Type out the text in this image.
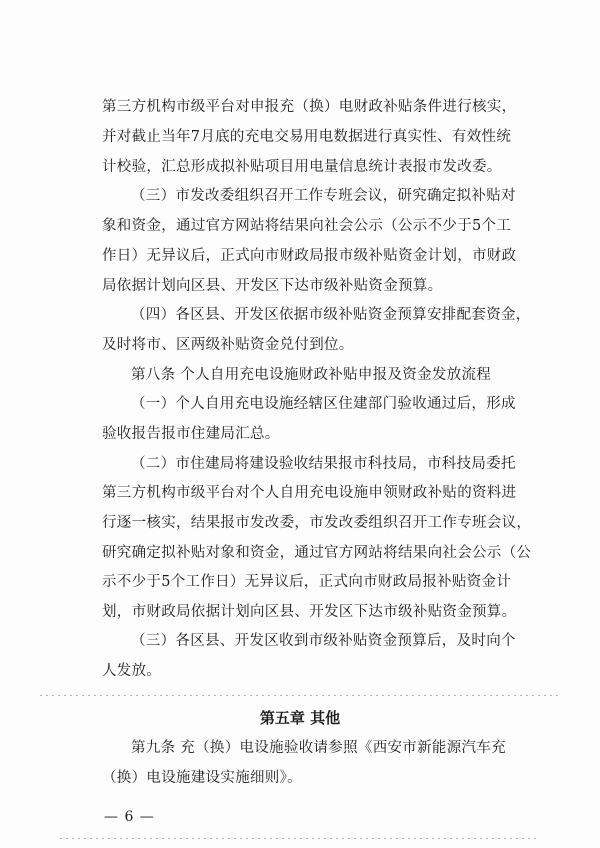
第三方机构市级平台对申报充（换）电财政补贴条件进行核实，
并对截止当年7月底的充电交易用电数据进行真实性、有效性统
计校验，汇总形成拟补贴项目用电量信息统计表报市发改委。
（三）市发改委组织召开工作专班会议，研究确定拟补贴对
象和资金，通过官方网站将结果向社会公示（公示不少于5个工
作日）无异议后，正式向市财政局报市级补贴资金计划，市财政
局依据计划向区县、开发区下达市级补贴资金预算。
（四）各区县、开发区依据市级补贴资金预算安排配套资金，
及时将市、区两级补贴资金兑付到位。
第八条 个人自用充电设施财政补贴申报及资金发放流程
（一）个人自用充电设施经辖区住建部门验收通过后，形成
验收报告报市住建局汇总。
（二）市住建局将建设验收结果报市科技局，市科技局委托
第三方机构市级平台对个人自用充电设施申领财政补贴的资料进
行逐一核实，结果报市发改委，市发改委组织召开工作专班会议，
研究确定拟补贴对象和资金，通过官方网站将结果向社会公示（公
示不少于5个工作日）无异议后，正式向市财政局报补贴资金计
划，市财政局依据计划向区县、开发区下达市级补贴资金预算。
（三）各区县、开发区收到市级补贴资金预算后，及时向个
人发放。
第五章 其他
第九条 充（换）电设施验收请参照《西安市新能源汽车充
（换）电设施建设实施细则》。
— 6 —
